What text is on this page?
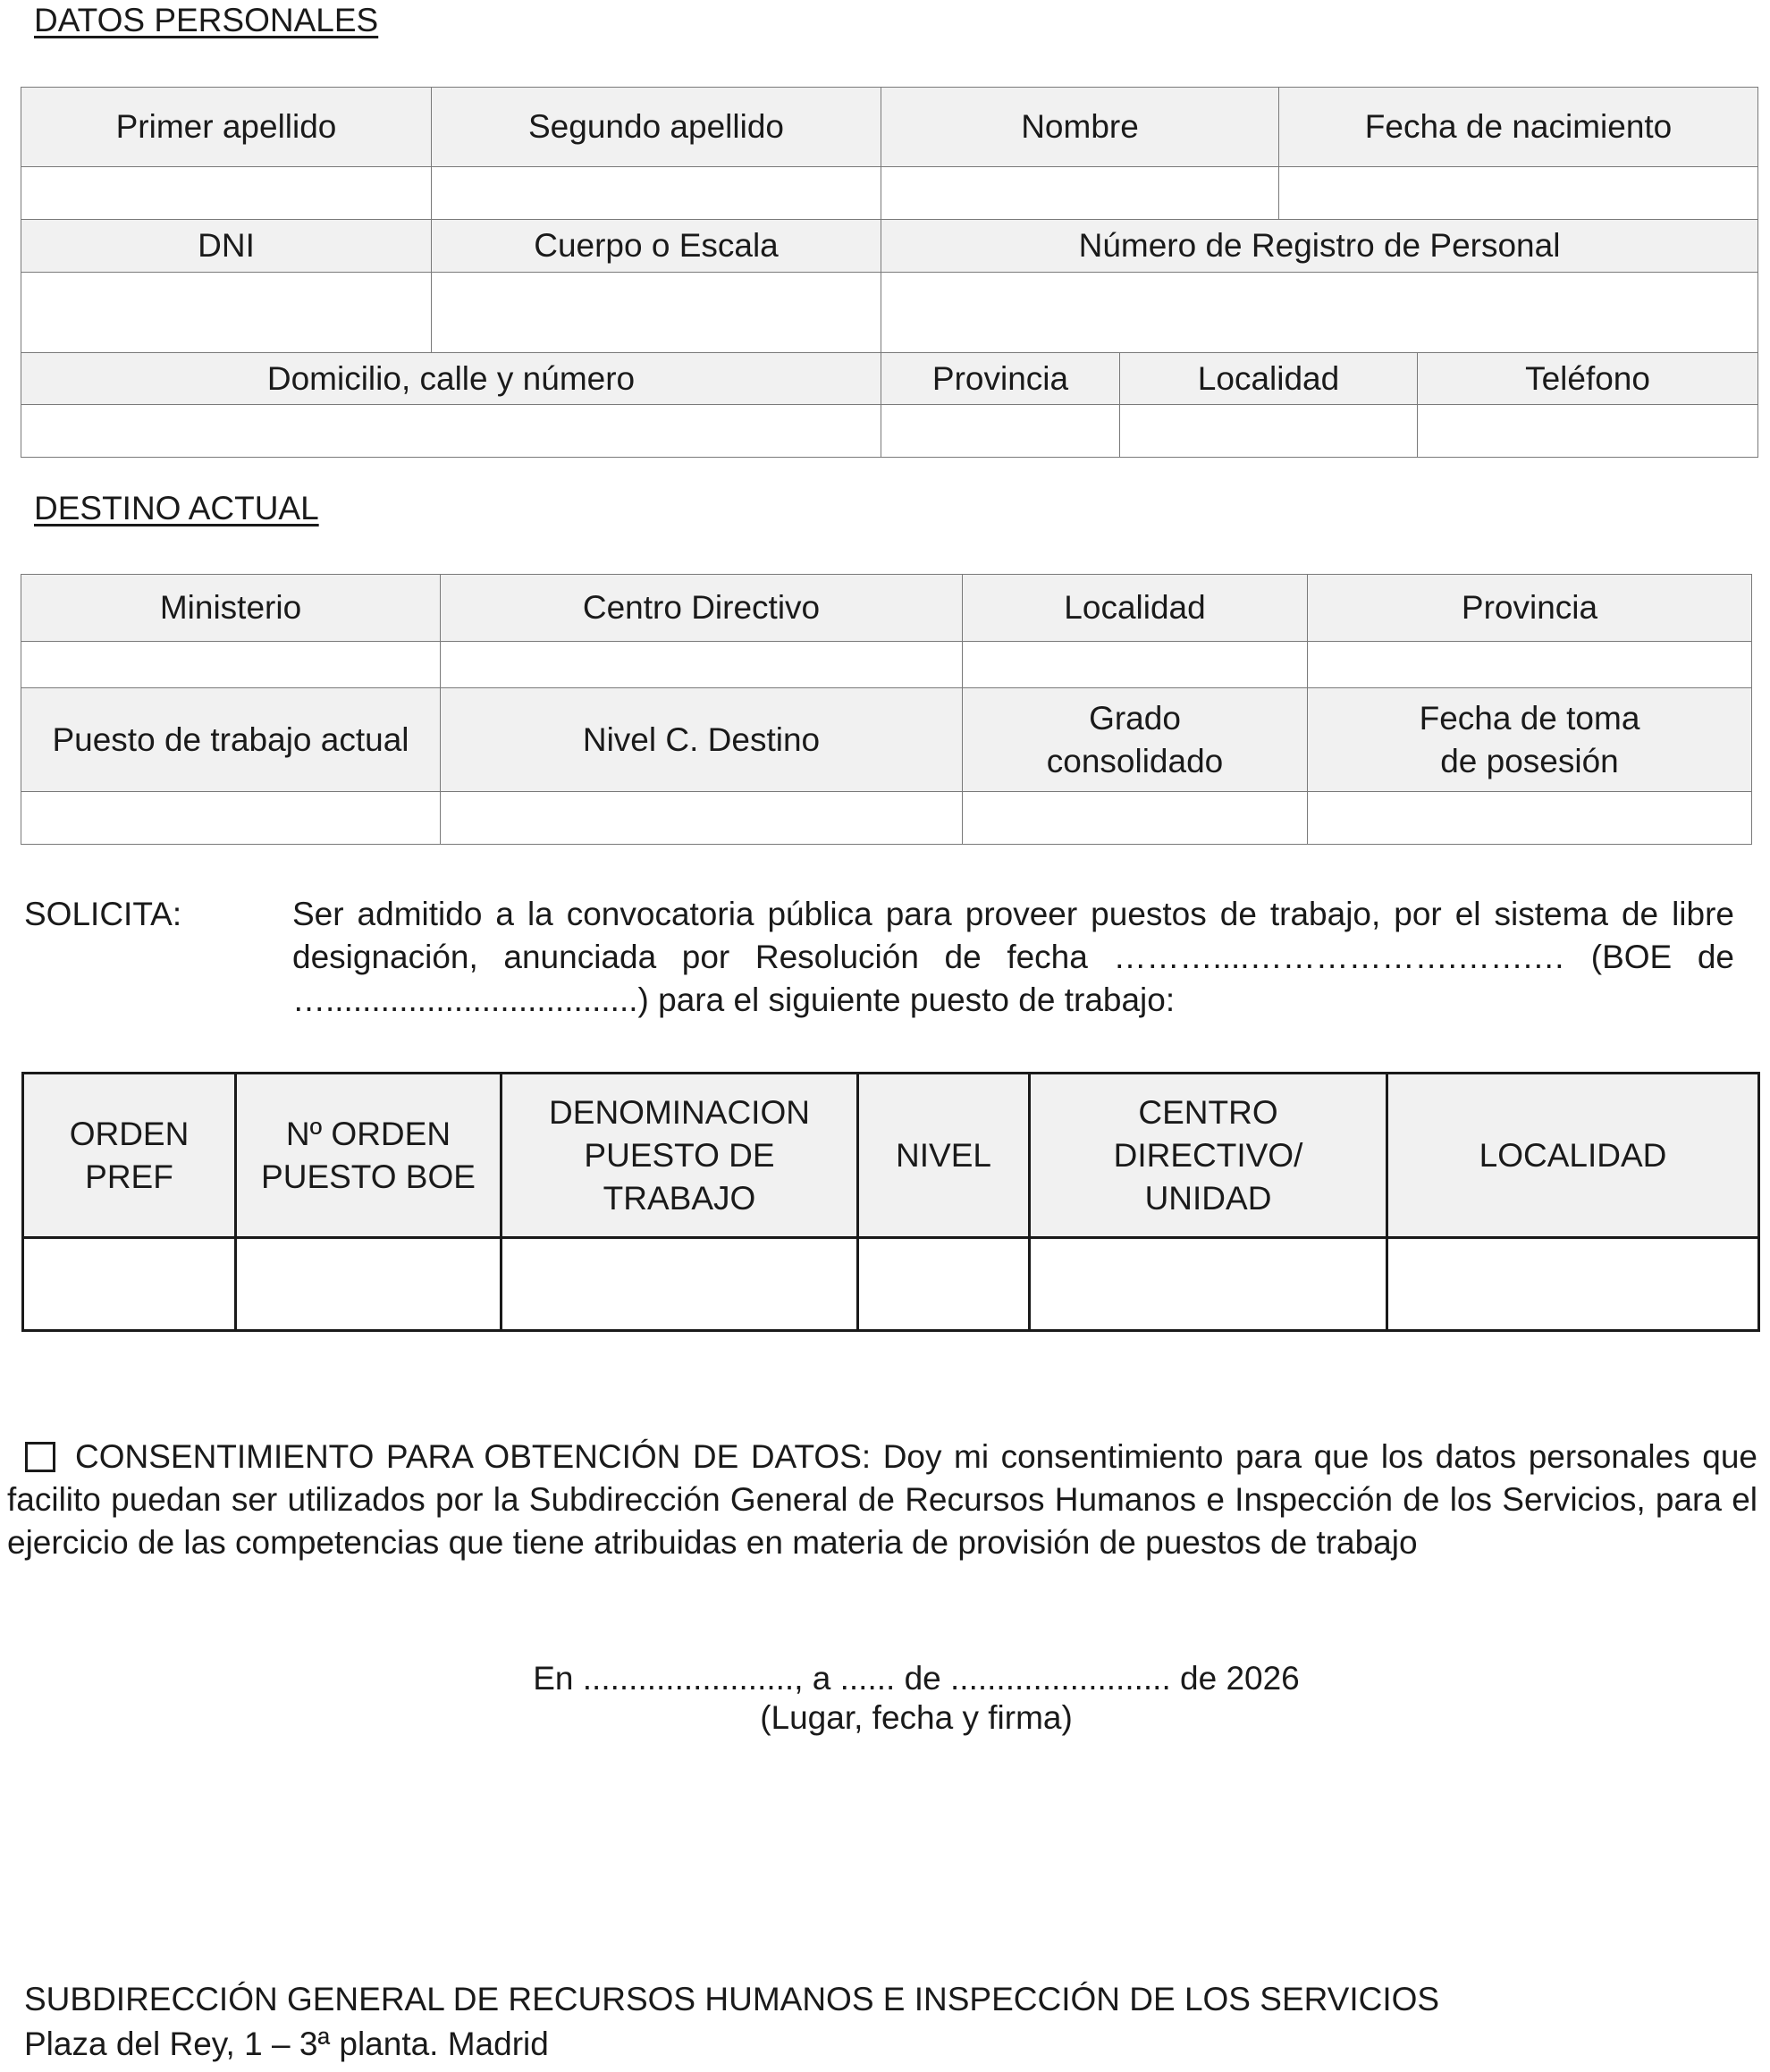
DATOS PERSONALES
Primer apellido	Segundo apellido	Nombre		Fecha de nacimiento	

DNI	Cuerpo o Escala	Número de Registro de Personal			

Domicilio, calle y número		Provincia	Localidad		Teléfono

DESTINO ACTUAL
Ministerio	Centro Directivo	Localidad	Provincia

Puesto de trabajo actual	Nivel C. Destino	Grado consolidado	Fecha de toma de posesión

SOLICITA:	Ser admitido a la convocatoria pública para proveer puestos de trabajo, por el sistema de libre designación, anunciada por Resolución de fecha ………....……………….…….… (BOE de …..................................) para el siguiente puesto de trabajo:
ORDEN PREF	Nº ORDEN PUESTO BOE	DENOMINACION PUESTO DE TRABAJO	NIVEL	CENTRO DIRECTIVO/ UNIDAD	LOCALIDAD

CONSENTIMIENTO PARA OBTENCIÓN DE DATOS: Doy mi consentimiento para que los datos personales que facilito puedan ser utilizados por la Subdirección General de Recursos Humanos e Inspección de los Servicios, para el ejercicio de las competencias que tiene atribuidas en materia de provisión de puestos de trabajo
En ......................., a ...... de ........................ de 2026
(Lugar, fecha y firma)
SUBDIRECCIÓN GENERAL DE RECURSOS HUMANOS E INSPECCIÓN DE LOS SERVICIOS
Plaza del Rey, 1 – 3ª planta. Madrid
